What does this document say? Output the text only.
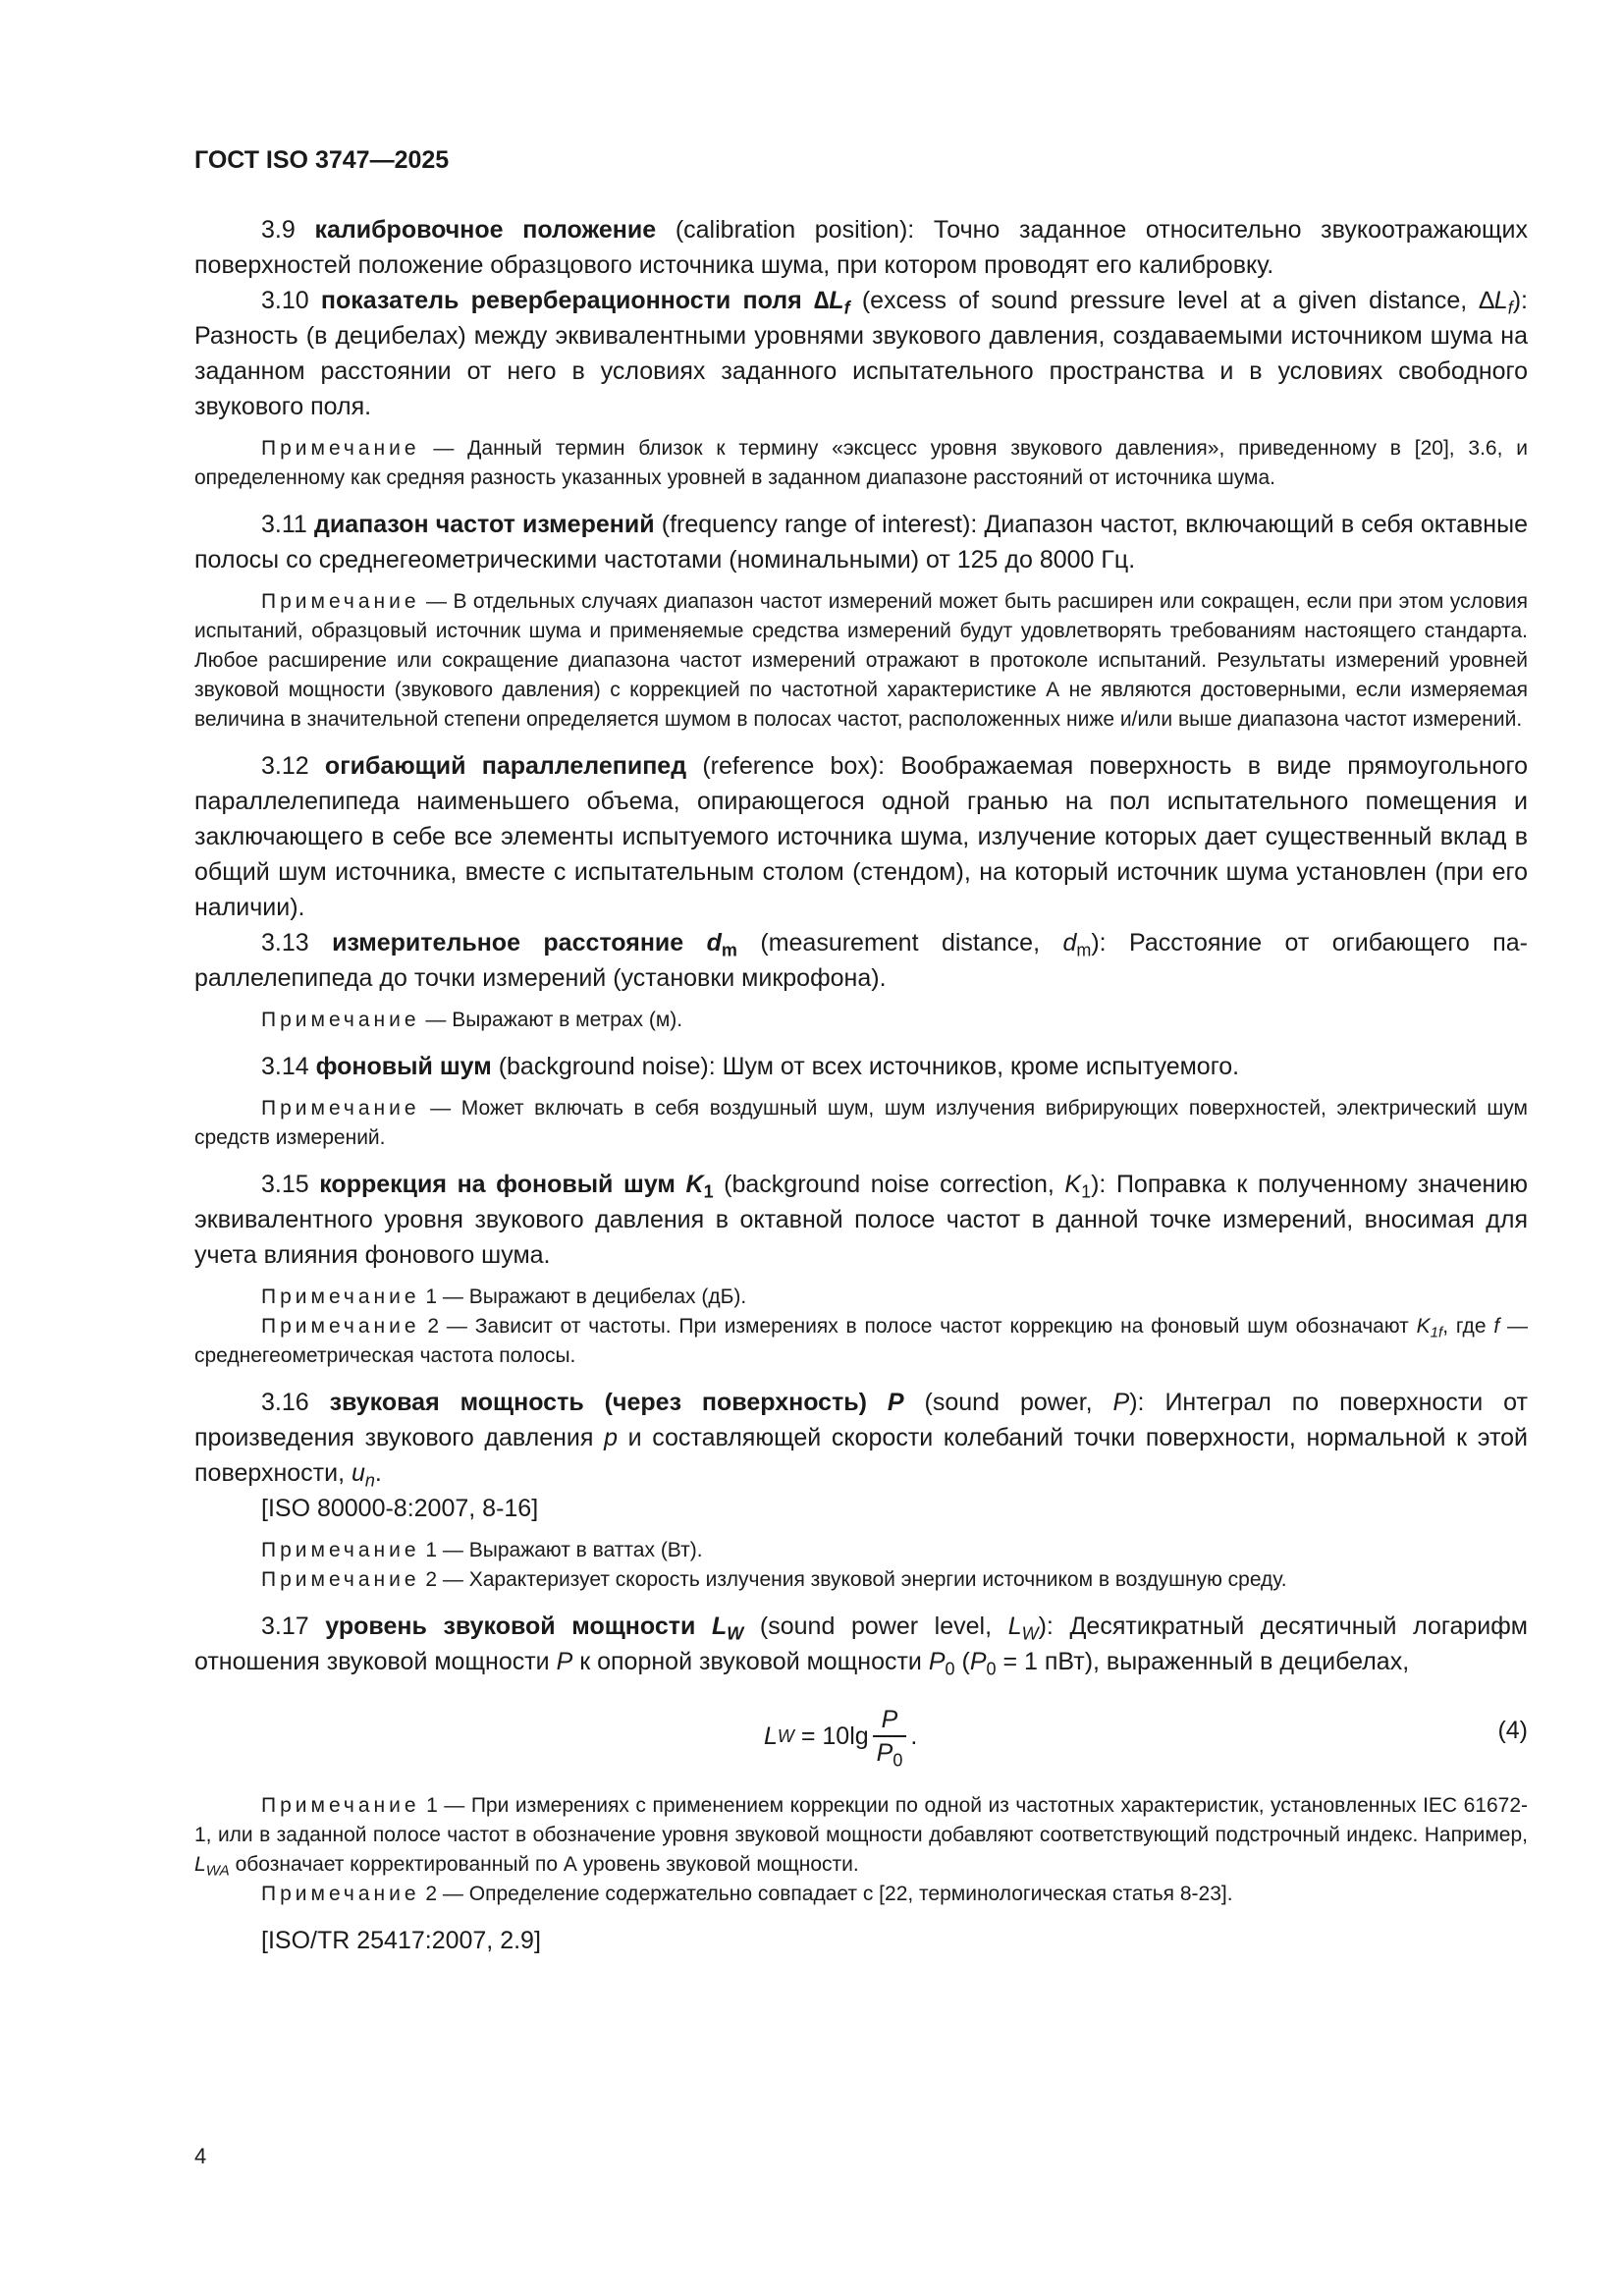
ГОСТ ISO 3747—2025

3.9 калибровочное положение (calibration position): Точно заданное относительно звукоотражающих поверхностей положение образцового источника шума, при котором проводят его калибровку.

3.10 показатель реверберационности поля $\Delta L_f$ (excess of sound pressure level at a given distance, $\Delta L_f$): Разность (в децибелах) между эквивалентными уровнями звукового давления, создаваемыми источником шума на заданном расстоянии от него в условиях заданного испытательного пространства и в условиях свободного звукового поля.

Примечание — Данный термин близок к термину «эксцесс уровня звукового давления», приведенному в [20], 3.6, и определенному как средняя разность указанных уровней в заданном диапазоне расстояний от источника шума.

3.11 диапазон частот измерений (frequency range of interest): Диапазон частот, включающий в себя октавные полосы со среднегеометрическими частотами (номинальными) от 125 до 8000 Гц.

Примечание — В отдельных случаях диапазон частот измерений может быть расширен или сокращен, если при этом условия испытаний, образцовый источник шума и применяемые средства измерений будут удовлетворять требованиям настоящего стандарта. Любое расширение или сокращение диапазона частот измерений отражают в протоколе испытаний. Результаты измерений уровней звуковой мощности (звукового давления) с коррекцией по частотной характеристике А не являются достоверными, если измеряемая величина в значительной степени определяется шумом в полосах частот, расположенных ниже и/или выше диапазона частот измерений.

3.12 огибающий параллелепипед (reference box): Воображаемая поверхность в виде прямоугольного параллелепипеда наименьшего объема, опирающегося одной гранью на пол испытательного помещения и заключающего в себе все элементы испытуемого источника шума, излучение которых дает существенный вклад в общий шум источника, вместе с испытательным столом (стендом), на который источник шума установлен (при его наличии).

3.13 измерительное расстояние $d_m$ (measurement distance, $d_m$): Расстояние от огибающего параллелепипеда до точки измерений (установки микрофона).

Примечание — Выражают в метрах (м).

3.14 фоновый шум (background noise): Шум от всех источников, кроме испытуемого.

Примечание — Может включать в себя воздушный шум, шум излучения вибрирующих поверхностей, электрический шум средств измерений.

3.15 коррекция на фоновый шум $K_1$ (background noise correction, $K_1$): Поправка к полученному значению эквивалентного уровня звукового давления в октавной полосе частот в данной точке измерений, вносимая для учета влияния фонового шума.

Примечание 1 — Выражают в децибелах (дБ).

Примечание 2 — Зависит от частоты. При измерениях в полосе частот коррекцию на фоновый шум обозначают $K_{1f}$, где f — среднегеометрическая частота полосы.

3.16 звуковая мощность (через поверхность) P (sound power, P): Интеграл по поверхности от произведения звукового давления p и составляющей скорости колебаний точки поверхности, нормальной к этой поверхности, $u_n$.

[ISO 80000-8:2007, 8-16]

Примечание 1 — Выражают в ваттах (Вт).

Примечание 2 — Характеризует скорость излучения звуковой энергии источником в воздушную среду.

3.17 уровень звуковой мощности $L_W$ (sound power level, $L_W$): Десятикратный десятичный логарифм отношения звуковой мощности P к опорной звуковой мощности $P_0$ ($P_0 = 1$ пВт), выраженный в децибелах,

L $W = 10\lg \frac{P}{P_0}$ .	(4)

Примечание 1 — При измерениях с применением коррекции по одной из частотных характеристик, установленных IEC 61672-1, или в заданной полосе частот в обозначение уровня звуковой мощности добавляют соответствующий подстрочный индекс. Например, $L_{WA}$ обозначает корректированный по А уровень звуковой мощности.

Примечание 2 — Определение содержательно совпадает с [22, терминологическая статья 8-23].

[ISO/TR 25417:2007, 2.9]

4
